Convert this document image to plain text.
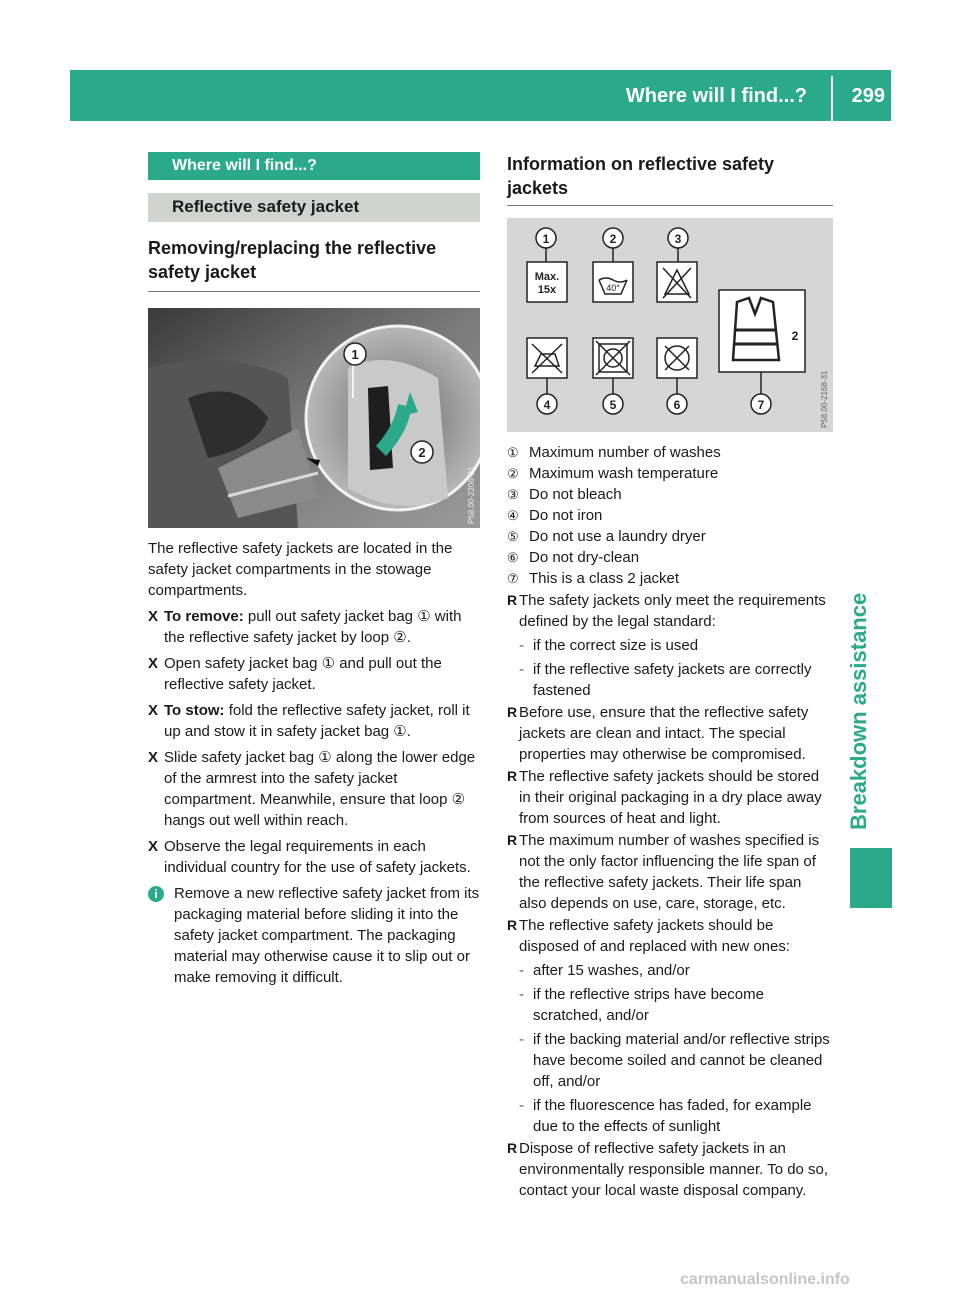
Where will I find...? 299
Breakdown assistance
Where will I find...?
Reflective safety jacket
Removing/replacing the reflective safety jacket
1
2
P58.00-2206-31
The reflective safety jackets are located in the safety jacket compartments in the stowage compartments.
X To remove: pull out safety jacket bag ① with the reflective safety jacket by loop ②.
X Open safety jacket bag ① and pull out the reflective safety jacket.
X To stow: fold the reflective safety jacket, roll it up and stow it in safety jacket bag ①.
X Slide safety jacket bag ① along the lower edge of the armrest into the safety jacket compartment. Meanwhile, ensure that loop ② hangs out well within reach.
X Observe the legal requirements in each individual country for the use of safety jackets.
i	Remove a new reflective safety jacket from its packaging material before sliding it into the safety jacket compartment. The packaging material may otherwise cause it to slip out or make removing it difficult.
Information on reflective safety jackets
1	2	3
4	5	6	7
Max.
15x	40°
2
P58.00-2168-31
① Maximum number of washes
② Maximum wash temperature
③ Do not bleach
④ Do not iron
⑤ Do not use a laundry dryer
⑥ Do not dry-clean
⑦ This is a class 2 jacket
R The safety jackets only meet the requirements defined by the legal standard:
- if the correct size is used
- if the reflective safety jackets are correctly fastened
R Before use, ensure that the reflective safety jackets are clean and intact. The special properties may otherwise be compromised.
R The reflective safety jackets should be stored in their original packaging in a dry place away from sources of heat and light.
R The maximum number of washes specified is not the only factor influencing the life span of the reflective safety jackets. Their life span also depends on use, care, storage, etc.
R The reflective safety jackets should be disposed of and replaced with new ones:
- after 15 washes, and/or
- if the reflective strips have become scratched, and/or
- if the backing material and/or reflective strips have become soiled and cannot be cleaned off, and/or
- if the fluorescence has faded, for example due to the effects of sunlight
R Dispose of reflective safety jackets in an environmentally responsible manner. To do so, contact your local waste disposal company.
carmanualsonline.info
